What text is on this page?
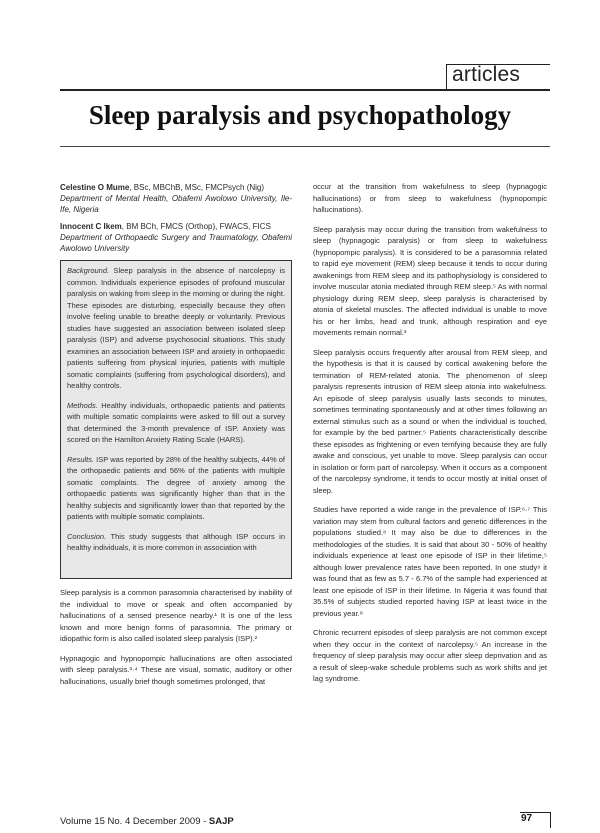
articles
Sleep paralysis and psychopathology
Celestine O Mume, BSc, MBChB, MSc, FMCPsych (Nig)
Department of Mental Health, Obafemi Awolowo University, Ile-Ife, Nigeria
Innocent C Ikem, BM BCh, FMCS (Orthop), FWACS, FICS
Department of Orthopaedic Surgery and Traumatology, Obafemi Awolowo University

Background. Sleep paralysis in the absence of narcolepsy is common. Individuals experience episodes of profound muscular paralysis on waking from sleep in the morning or during the night. These episodes are disturbing, especially because they often involve feeling unable to breathe deeply or voluntarily. Previous studies have suggested an association between isolated sleep paralysis (ISP) and adverse psychosocial situations. This study examines an association between ISP and anxiety in orthopaedic patients suffering from physical injuries, patients with multiple somatic complaints (suffering from psychological disorders), and healthy controls.

Methods. Healthy individuals, orthopaedic patients and patients with multiple somatic complaints were asked to fill out a survey that determined the 3-month prevalence of ISP. Anxiety was scored on the Hamilton Anxiety Rating Scale (HARS).

Results. ISP was reported by 28% of the healthy subjects, 44% of the orthopaedic patients and 56% of the patients with multiple somatic complaints. The degree of anxiety among the orthopaedic patients was significantly higher than that in the healthy subjects and significantly lower than that reported by the patients with multiple somatic complaints.

Conclusion. This study suggests that although ISP occurs in healthy individuals, it is more common in association with

Sleep paralysis is a common parasomnia characterised by inability of the individual to move or speak and often accompanied by hallucinations of a sensed presence nearby.¹ It is one of the less known and more benign forms of parasomnia. The primary or idiopathic form is also called isolated sleep paralysis (ISP).²

Hypnagogic and hypnopompic hallucinations are often associated with sleep paralysis.³·⁴ These are visual, somatic, auditory or other hallucinations, usually brief though sometimes prolonged, that

occur at the transition from wakefulness to sleep (hypnagogic hallucinations) or from sleep to wakefulness (hypnopompic hallucinations).

Sleep paralysis may occur during the transition from wakefulness to sleep (hypnagogic paralysis) or from sleep to wakefulness (hypnopompic paralysis). It is considered to be a parasomnia related to rapid eye movement (REM) sleep because it tends to occur during awakenings from REM sleep and its pathophysiology is considered to involve muscular atonia mediated through REM sleep.⁵ As with normal physiology during REM sleep, sleep paralysis is characterised by atonia of skeletal muscles. The affected individual is unable to move his or her limbs, head and trunk, although respiration and eye movements remain normal.³

Sleep paralysis occurs frequently after arousal from REM sleep, and the hypothesis is that it is caused by cortical awakening before the termination of REM-related atonia. The phenomenon of sleep paralysis represents intrusion of REM sleep atonia into wakefulness. An episode of sleep paralysis usually lasts seconds to minutes, sometimes terminating spontaneously and at other times following an external stimulus such as a sound or when the individual is touched, for example by the bed partner.⁵ Patients characteristically describe these episodes as frightening or even terrifying because they are fully awake and conscious, yet unable to move. Sleep paralysis can occur in isolation or form part of narcolepsy. When it occurs as a component of the narcolepsy syndrome, it tends to occur mostly at initial onset of sleep.

Studies have reported a wide range in the prevalence of ISP.⁶·⁷ This variation may stem from cultural factors and genetic differences in the populations studied.⁸ It may also be due to differences in the methodologies of the studies. It is said that about 30 - 50% of healthy individuals experience at least one episode of ISP in their lifetime,⁵ although lower prevalence rates have been reported. In one study⁹ it was found that as few as 5.7 - 6.7% of the sample had experienced at least one episode of ISP in their lifetime. In Nigeria it was found that 35.5% of subjects studied reported having ISP at least twice in the previous year.⁸

Chronic recurrent episodes of sleep paralysis are not common except when they occur in the context of narcolepsy.⁵ An increase in the frequency of sleep paralysis may occur after sleep deprivation and as a result of sleep-wake schedule problems such as work shifts and jet lag syndrome.

Volume 15 No. 4 December 2009 - SAJP	97
